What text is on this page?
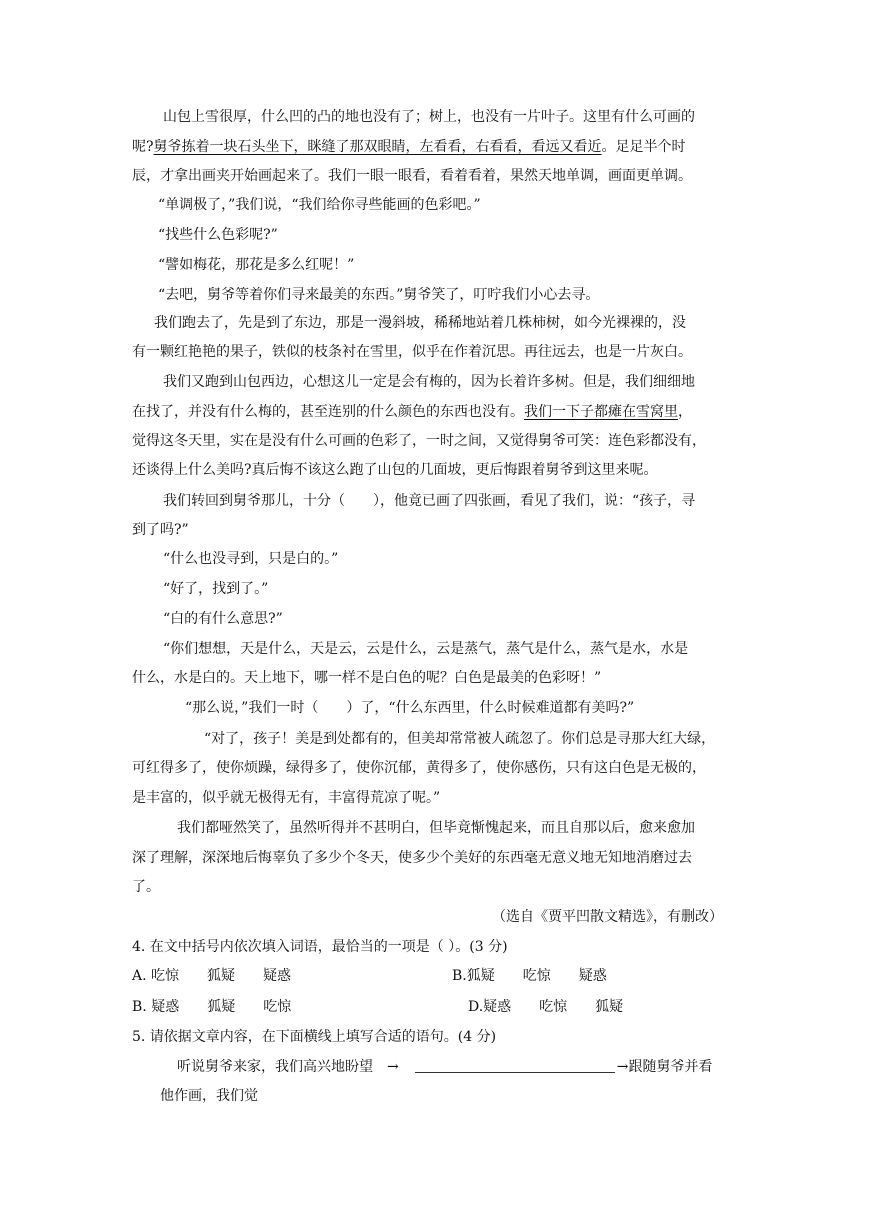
山包上雪很厚，什么凹的凸的地也没有了；树上，也没有一片叶子。这里有什么可画的
呢?舅爷拣着一块石头坐下，眯缝了那双眼睛，左看看，右看看，看远又看近。足足半个时
辰，才拿出画夹开始画起来了。我们一眼一眼看，看着看着，果然天地单调，画面更单调。
“单调极了，”我们说，“我们给你寻些能画的色彩吧。”
“找些什么色彩呢?”
“譬如梅花，那花是多么红呢！”
“去吧，舅爷等着你们寻来最美的东西。”舅爷笑了，叮咛我们小心去寻。
我们跑去了，先是到了东边，那是一漫斜坡，稀稀地站着几株柿树，如今光裸裸的，没
有一颗红艳艳的果子，铁似的枝条衬在雪里，似乎在作着沉思。再往远去，也是一片灰白。
我们又跑到山包西边，心想这儿一定是会有梅的，因为长着许多树。但是，我们细细地
在找了，并没有什么梅的，甚至连别的什么颜色的东西也没有。我们一下子都瘫在雪窝里，
觉得这冬天里，实在是没有什么可画的色彩了，一时之间，又觉得舅爷可笑：连色彩都没有，
还谈得上什么美吗?真后悔不该这么跑了山包的几面坡，更后悔跟着舅爷到这里来呢。
我们转回到舅爷那儿，十分（　　），他竟已画了四张画，看见了我们，说：“孩子，寻
到了吗?”
“什么也没寻到，只是白的。”
“好了，找到了。”
“白的有什么意思?”
“你们想想，天是什么，天是云，云是什么，云是蒸气，蒸气是什么，蒸气是水，水是
什么，水是白的。天上地下，哪一样不是白色的呢？白色是最美的色彩呀！”
“那么说，”我们一时（　　）了，“什么东西里，什么时候难道都有美吗?”
“对了，孩子！美是到处都有的，但美却常常被人疏忽了。你们总是寻那大红大绿，
可红得多了，使你烦躁，绿得多了，使你沉郁，黄得多了，使你感伤，只有这白色是无极的，
是丰富的，似乎就无极得无有，丰富得荒凉了呢。”
我们都哑然笑了，虽然听得并不甚明白，但毕竟惭愧起来，而且自那以后，愈来愈加
深了理解，深深地后悔辜负了多少个冬天，使多少个美好的东西毫无意义地无知地消磨过去
了。
（选自《贾平凹散文精选》，有删改）
4. 在文中括号内依次填入词语，最恰当的一项是（ ）。(3 分)
A. 吃惊　　狐疑　　疑惑	B.狐疑　　吃惊　　疑惑
B. 疑惑　　狐疑　　吃惊	D.疑惑　　吃惊　　狐疑
5. 请依据文章内容，在下面横线上填写合适的语句。(4 分)
听说舅爷来家，我们高兴地盼望　 →　	→跟随舅爷并看
他作画，我们觉
